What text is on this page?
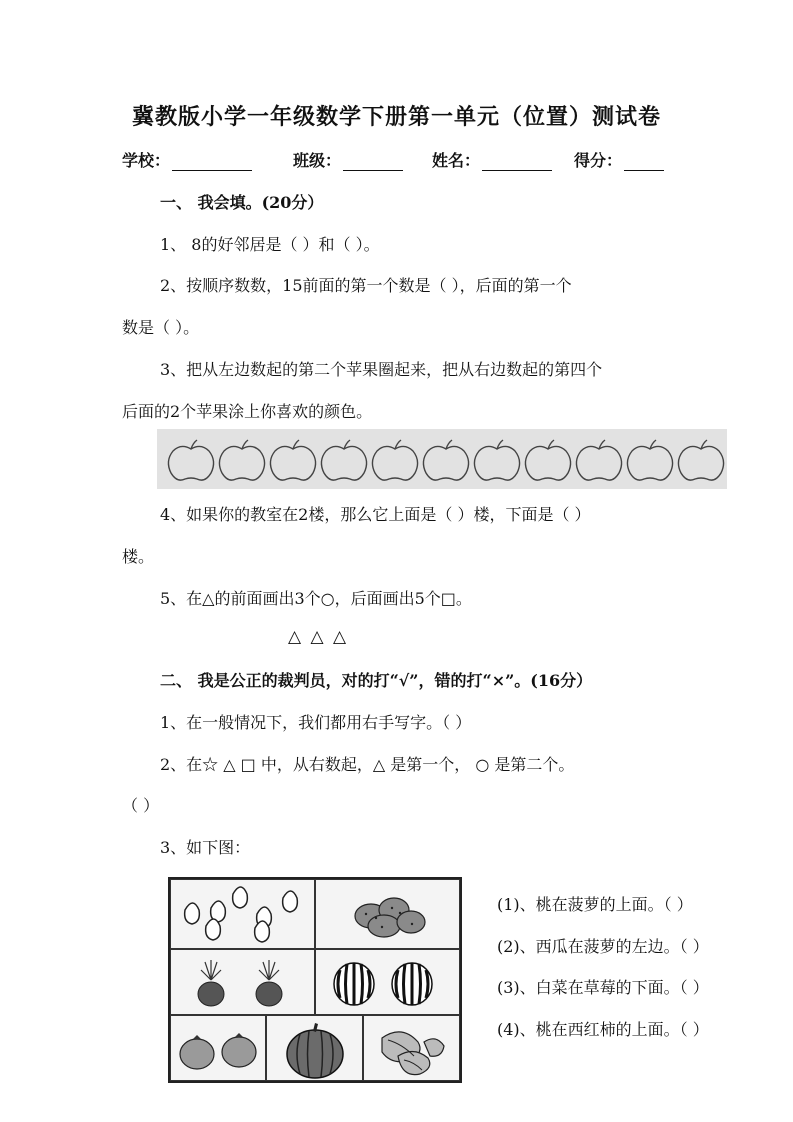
冀教版小学一年级数学下册第一单元（位置）测试卷
学校：	班级：	姓名：	得分：
一、 我会填。(20分）
1、 8的好邻居是（ ）和（ ）。
2、按顺序数数，15前面的第一个数是（ ），后面的第一个
数是（ ）。
3、把从左边数起的第二个苹果圈起来，把从右边数起的第四个
后面的2个苹果涂上你喜欢的颜色。
4、如果你的教室在2楼，那么它上面是（ ）楼，下面是（ ）
楼。
5、在△的前面画出3个○，后面画出5个□。
△ △ △
二、 我是公正的裁判员，对的打“√”，错的打“×”。(16分）
1、在一般情况下，我们都用右手写字。（ ）
2、在☆ △ □ 中，从右数起，△ 是第一个， ○ 是第二个。
（ ）
3、如下图：
(1)、桃在菠萝的上面。（ ）
(2)、西瓜在菠萝的左边。（ ）
(3)、白菜在草莓的下面。（ ）
(4)、桃在西红柿的上面。（ ）
